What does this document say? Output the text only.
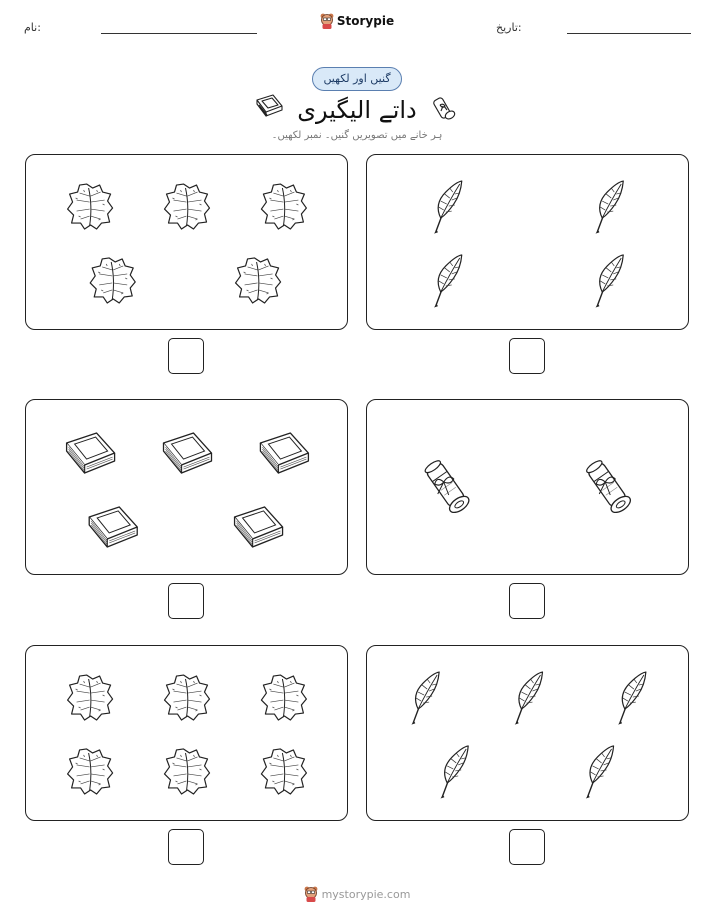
نام:	تاریخ:
Storypie
گنیں اور لکھیں
داتے الیگیری
ہر خانے میں تصویریں گنیں۔ نمبر لکھیں۔
mystorypie.com
